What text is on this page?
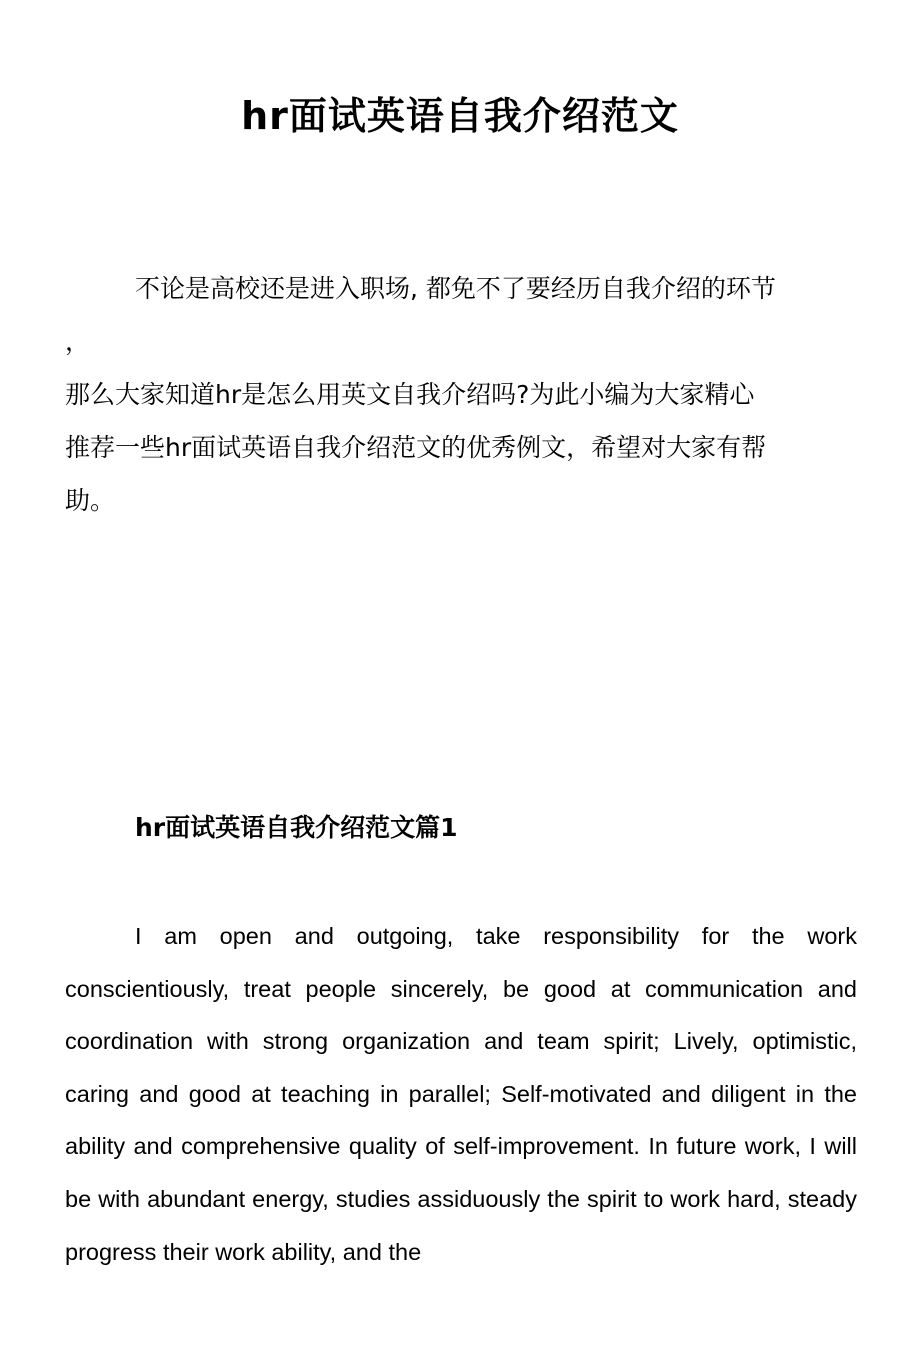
hr面试英语自我介绍范文

不论是高校还是进入职场, 都免不了要经历自我介绍的环节

，

那么大家知道hr是怎么用英文自我介绍吗?为此小编为大家精心

推荐一些hr面试英语自我介绍范文的优秀例文，希望对大家有帮

助。

hr面试英语自我介绍范文篇1

I am open and outgoing, take responsibility for the work conscientiously, treat people sincerely, be good at communication and coordination with strong organization and team spirit; Lively, optimistic, caring and good at teaching in parallel; Self-motivated and diligent in the ability and comprehensive quality of self-improvement. In future work, I will be with abundant energy, studies assiduously the spirit to work hard, steady progress their work ability, and the
